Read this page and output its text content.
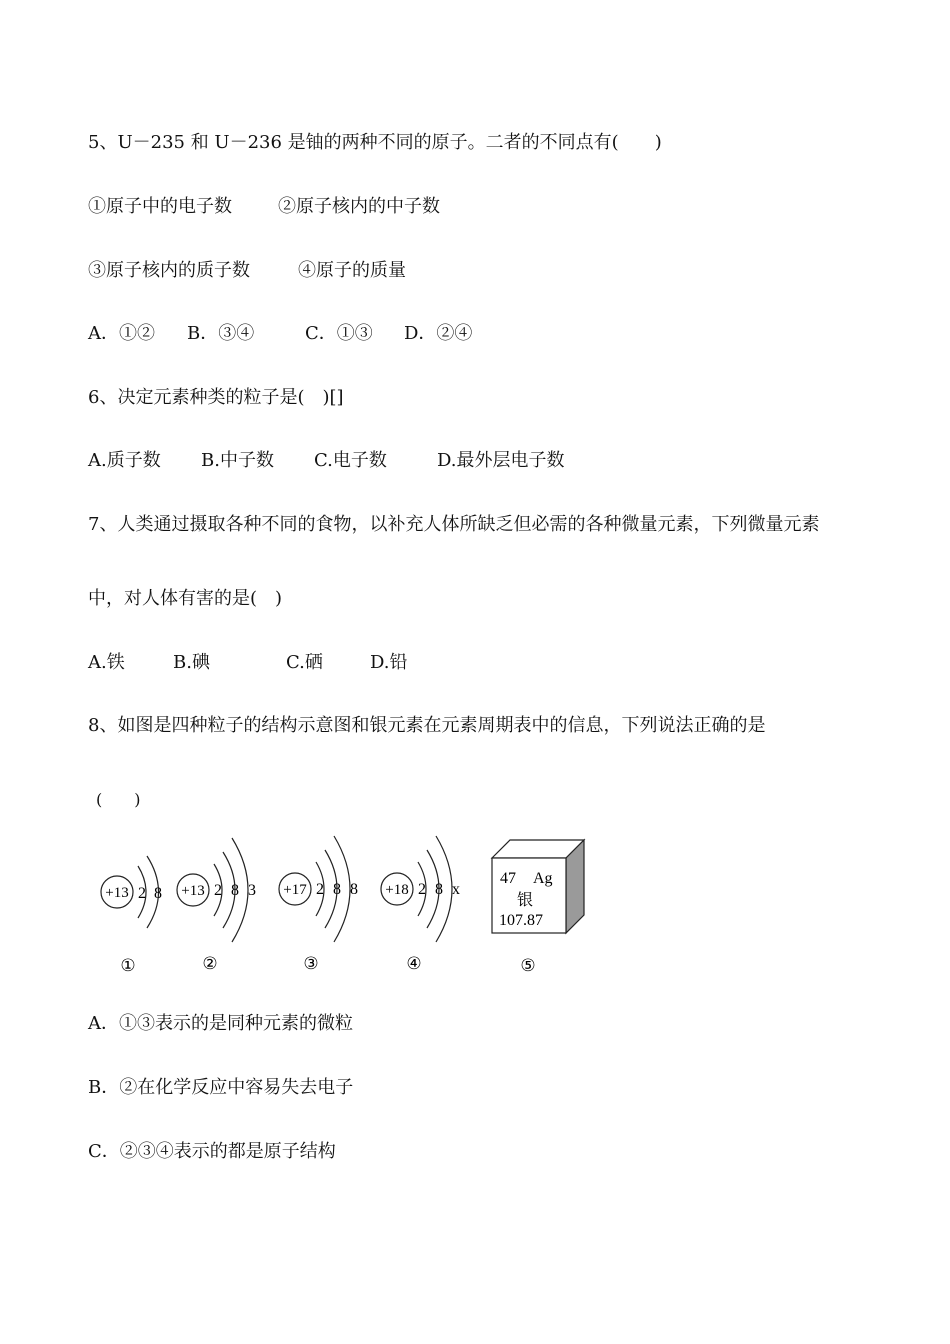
5、U－235 和 U－236 是铀的两种不同的原子。二者的不同点有(　　)
①原子中的电子数	②原子核内的中子数
③原子核内的质子数	④原子的质量
A．①② B．③④	C．①③ D．②④
6、决定元素种类的粒子是(　)[]
A.质子数 B.中子数 C.电子数	D.最外层电子数
7、人类通过摄取各种不同的食物，以补充人体所缺乏但必需的各种微量元素，下列微量元素
中，对人体有害的是(　)
A.铁	B.碘	C.硒	D.铅
8、如图是四种粒子的结构示意图和银元素在元素周期表中的信息，下列说法正确的是
(　　)
+13	+13	+17	+18
2 8	2 8 3	2 8 8	2 8 x
47 Ag
银
107.87
①	②	③	④	⑤
A．①③表示的是同种元素的微粒
B．②在化学反应中容易失去电子
C．②③④表示的都是原子结构
